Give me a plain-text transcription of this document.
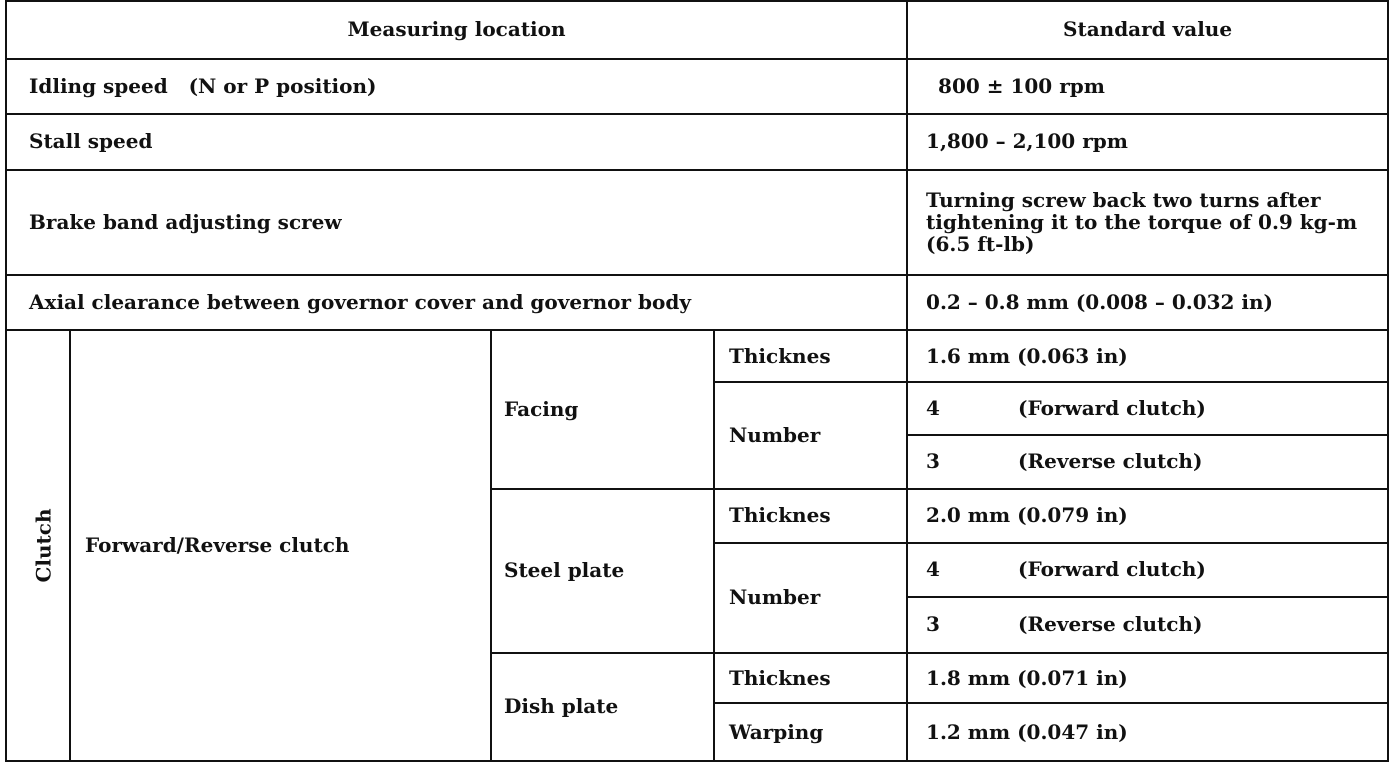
Measuring location				Standard value
Idling speed   (N or P position)				800 ± 100 rpm
Stall speed				1,800 – 2,100 rpm
Brake band adjusting screw				Turning screw back two turns after tightening it to the torque of 0.9 kg-m (6.5 ft-lb)
Axial clearance between governor cover and governor body				0.2 – 0.8 mm (0.008 – 0.032 in)
Clutch	Forward/Reverse clutch	Facing	Thicknes	1.6 mm (0.063 in)
			Number	4 (Forward clutch)
				3 (Reverse clutch)
		Steel plate	Thicknes	2.0 mm (0.079 in)
			Number	4 (Forward clutch)
				3 (Reverse clutch)
		Dish plate	Thicknes	1.8 mm (0.071 in)
			Warping	1.2 mm (0.047 in)
